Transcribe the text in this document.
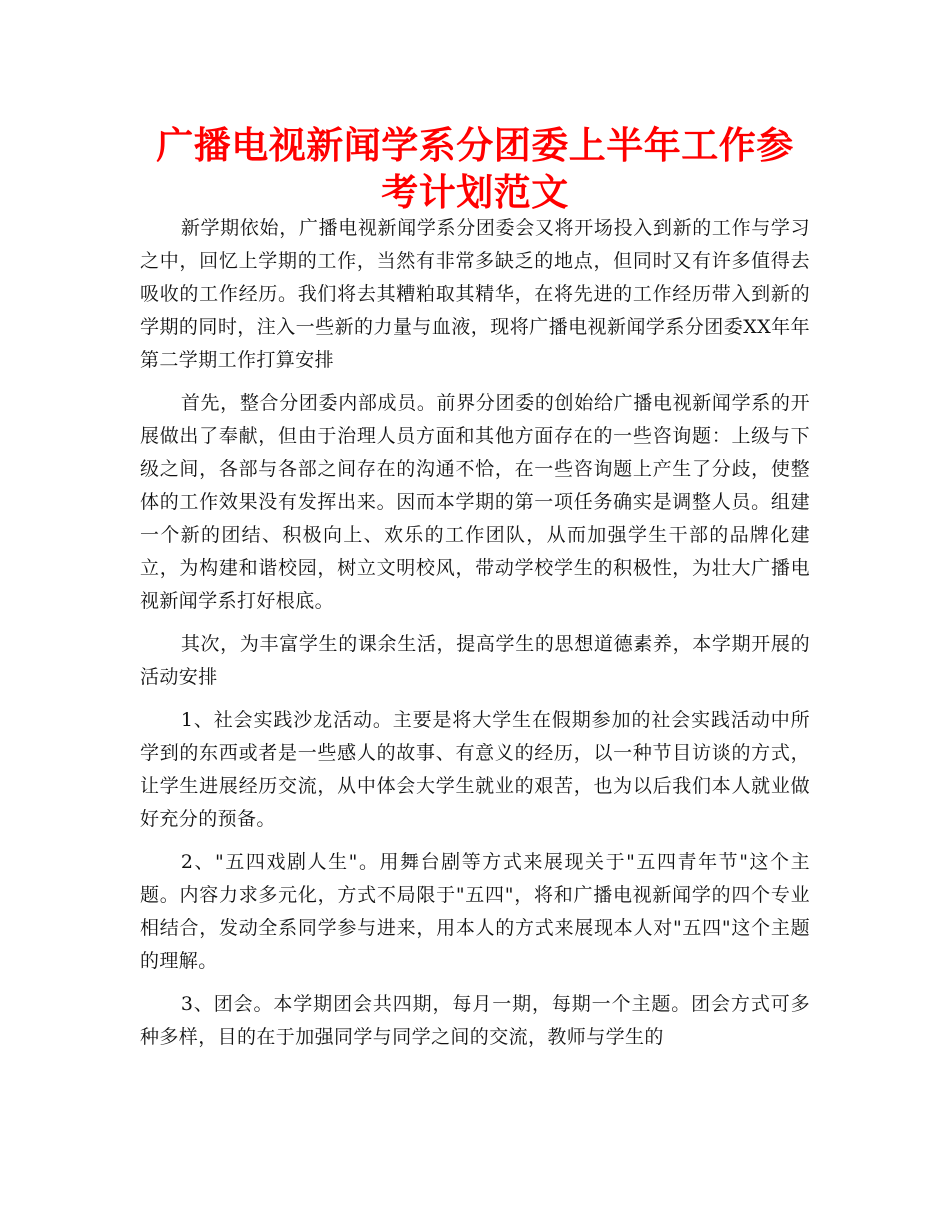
广播电视新闻学系分团委上半年工作参考计划范文

新学期依始，广播电视新闻学系分团委会又将开场投入到新的工作与学习之中，回忆上学期的工作，当然有非常多缺乏的地点，但同时又有许多值得去吸收的工作经历。我们将去其糟粕取其精华，在将先进的工作经历带入到新的学期的同时，注入一些新的力量与血液，现将广播电视新闻学系分团委XX年年第二学期工作打算安排

首先，整合分团委内部成员。前界分团委的创始给广播电视新闻学系的开展做出了奉献，但由于治理人员方面和其他方面存在的一些咨询题：上级与下级之间，各部与各部之间存在的沟通不恰，在一些咨询题上产生了分歧，使整体的工作效果没有发挥出来。因而本学期的第一项任务确实是调整人员。组建一个新的团结、积极向上、欢乐的工作团队，从而加强学生干部的品牌化建立，为构建和谐校园，树立文明校风，带动学校学生的积极性，为壮大广播电视新闻学系打好根底。

其次，为丰富学生的课余生活，提高学生的思想道德素养，本学期开展的活动安排

1、社会实践沙龙活动。主要是将大学生在假期参加的社会实践活动中所学到的东西或者是一些感人的故事、有意义的经历，以一种节目访谈的方式，让学生进展经历交流，从中体会大学生就业的艰苦，也为以后我们本人就业做好充分的预备。

2、"五四戏剧人生"。用舞台剧等方式来展现关于"五四青年节"这个主题。内容力求多元化，方式不局限于"五四"，将和广播电视新闻学的四个专业相结合，发动全系同学参与进来，用本人的方式来展现本人对"五四"这个主题的理解。

3、团会。本学期团会共四期，每月一期，每期一个主题。团会方式可多种多样，目的在于加强同学与同学之间的交流，教师与学生的
